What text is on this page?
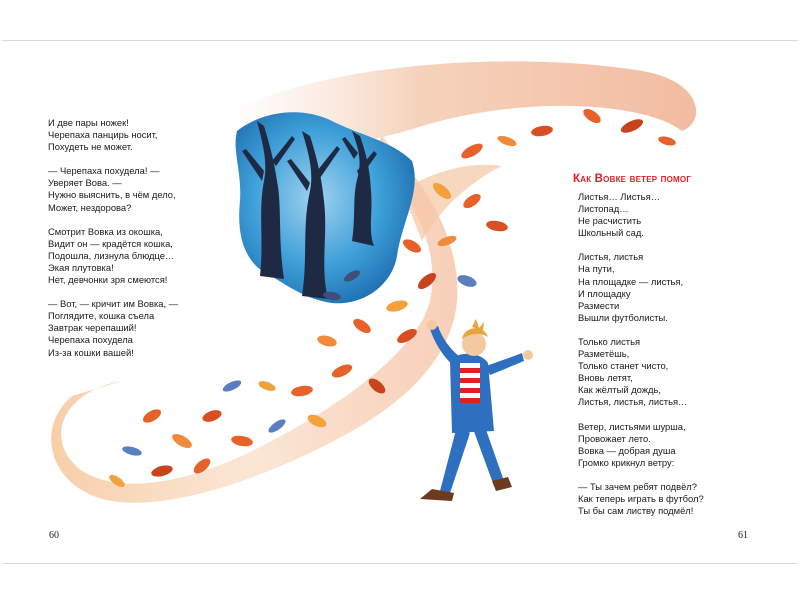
И две пары ножек!
Черепаха панцирь носит,
Похудеть не может.
— Черепаха похудела! —
Уверяет Вова. —
Нужно выяснить, в чём дело,
Может, нездорова?
Смотрит Вовка из окошка,
Видит он — крадётся кошка,
Подошла, лизнула блюдце…
Экая плутовка!
Нет, девчонки зря смеются!
— Вот, — кричит им Вовка, —
Поглядите, кошка съела
Завтрак черепаший!
Черепаха похудела
Из-за кошки вашей!
Как Вовке ветер помог
Листья… Листья…
Листопад…
Не расчистить
Школьный сад.
Листья, листья
На пути,
На площадке — листья,
И площадку
Размести
Вышли футболисты.
Только листья
Разметёшь,
Только станет чисто,
Вновь летят,
Как жёлтый дождь,
Листья, листья, листья…
Ветер, листьями шурша,
Провожает лето.
Вовка — добрая душа
Громко крикнул ветру:
— Ты зачем ребят подвёл?
Как теперь играть в футбол?
Ты бы сам листву подмёл!
60	61
